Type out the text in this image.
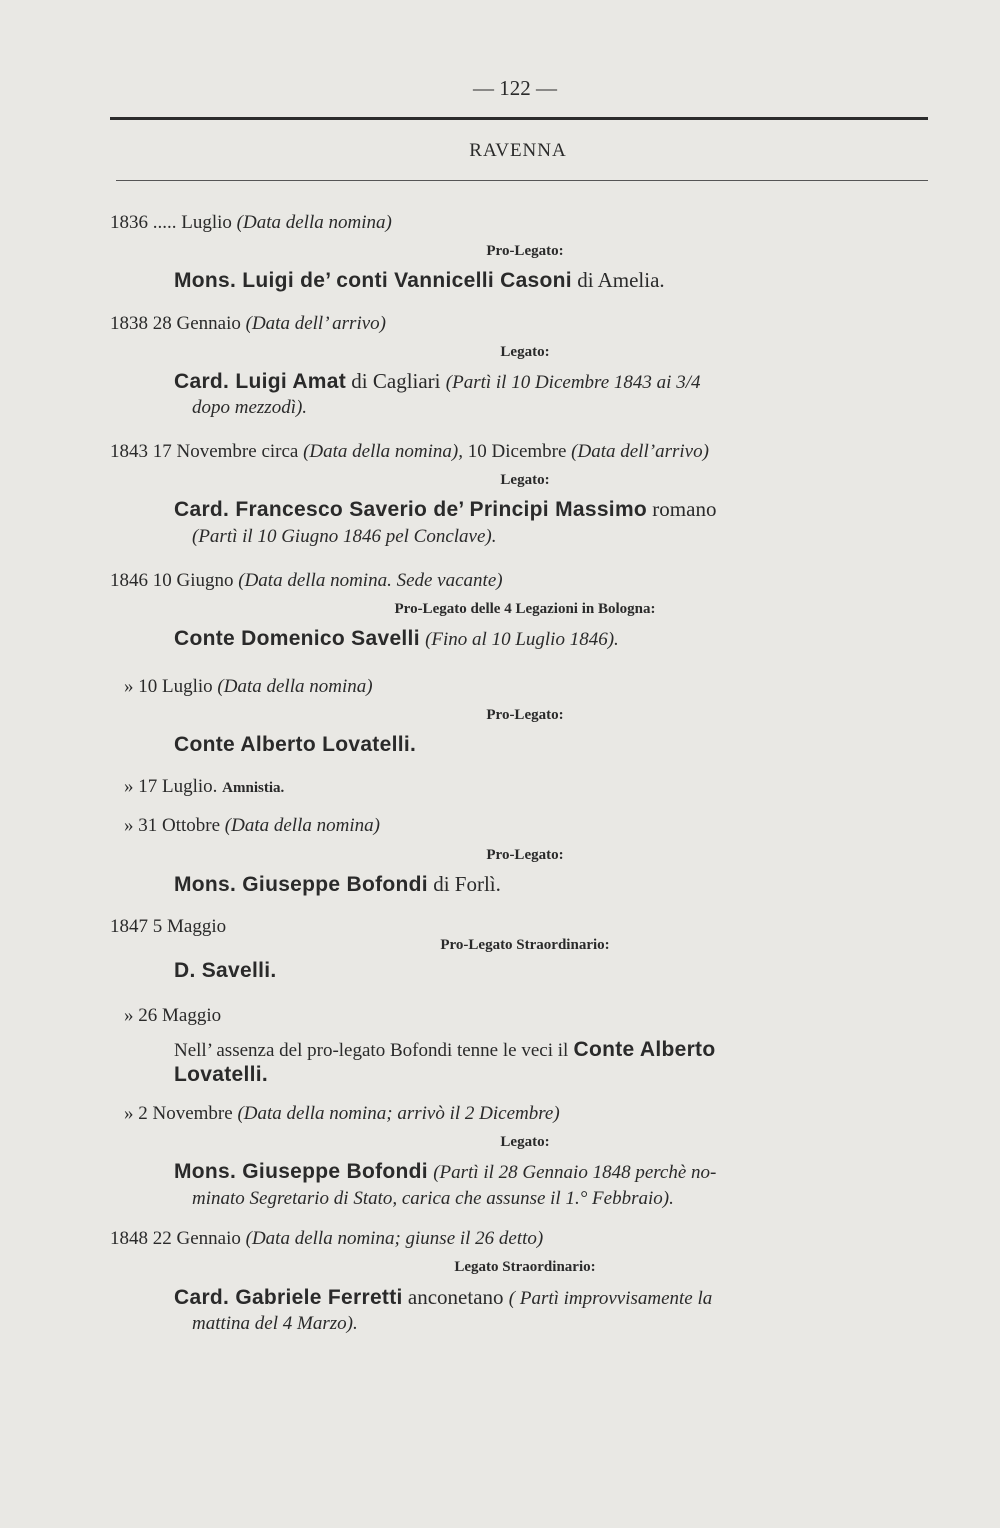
— 122 —
RAVENNA
1836 ..... Luglio (Data della nomina)
Pro-Legato:
Mons. Luigi de’ conti Vannicelli Casoni di Amelia.
1838 28 Gennaio (Data dell’ arrivo)
Legato:
Card. Luigi Amat di Cagliari (Partì il 10 Dicembre 1843 ai 3/4
dopo mezzodì).
1843 17 Novembre circa (Data della nomina), 10 Dicembre (Data dell’arrivo)
Legato:
Card. Francesco Saverio de’ Principi Massimo romano
(Partì il 10 Giugno 1846 pel Conclave).
1846 10 Giugno (Data della nomina. Sede vacante)
Pro-Legato delle 4 Legazioni in Bologna:
Conte Domenico Savelli (Fino al 10 Luglio 1846).
» 10 Luglio (Data della nomina)
Pro-Legato:
Conte Alberto Lovatelli.
» 17 Luglio. Amnistia.
» 31 Ottobre (Data della nomina)
Pro-Legato:
Mons. Giuseppe Bofondi di Forlì.
1847 5 Maggio
Pro-Legato Straordinario:
D. Savelli.
» 26 Maggio
Nell’ assenza del pro-legato Bofondi tenne le veci il Conte Alberto
Lovatelli.
» 2 Novembre (Data della nomina; arrivò il 2 Dicembre)
Legato:
Mons. Giuseppe Bofondi (Partì il 28 Gennaio 1848 perchè no-
minato Segretario di Stato, carica che assunse il 1.° Febbraio).
1848 22 Gennaio (Data della nomina; giunse il 26 detto)
Legato Straordinario:
Card. Gabriele Ferretti anconetano ( Partì improvvisamente la
mattina del 4 Marzo).
